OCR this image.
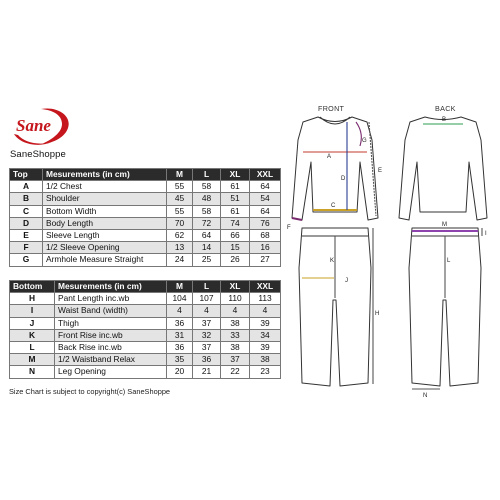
Sane
SaneShoppe
Top	Mesurements (in cm)	M	L	XL	XXL
A	1/2 Chest	55	58	61	64
B	Shoulder	45	48	51	54
C	Bottom Width	55	58	61	64
D	Body Length	70	72	74	76
E	Sleeve Length	62	64	66	68
F	1/2 Sleeve Opening	13	14	15	16
G	Armhole Measure Straight	24	25	26	27
Bottom	Mesurements (in cm)	M	L	XL	XXL
H	Pant Length inc.wb	104	107	110	113
I	Waist Band (width)	4	4	4	4
J	Thigh	36	37	38	39
K	Front Rise inc.wb	31	32	33	34
L	Back Rise inc.wb	36	37	38	39
M	1/2 Waistband Relax	35	36	37	38
N	Leg Opening	20	21	22	23
Size Chart is subject to copyright(c) SaneShoppe
FRONT	BACK
A
B
C
D
E
F
G
H
I
J
K	L
M
N
